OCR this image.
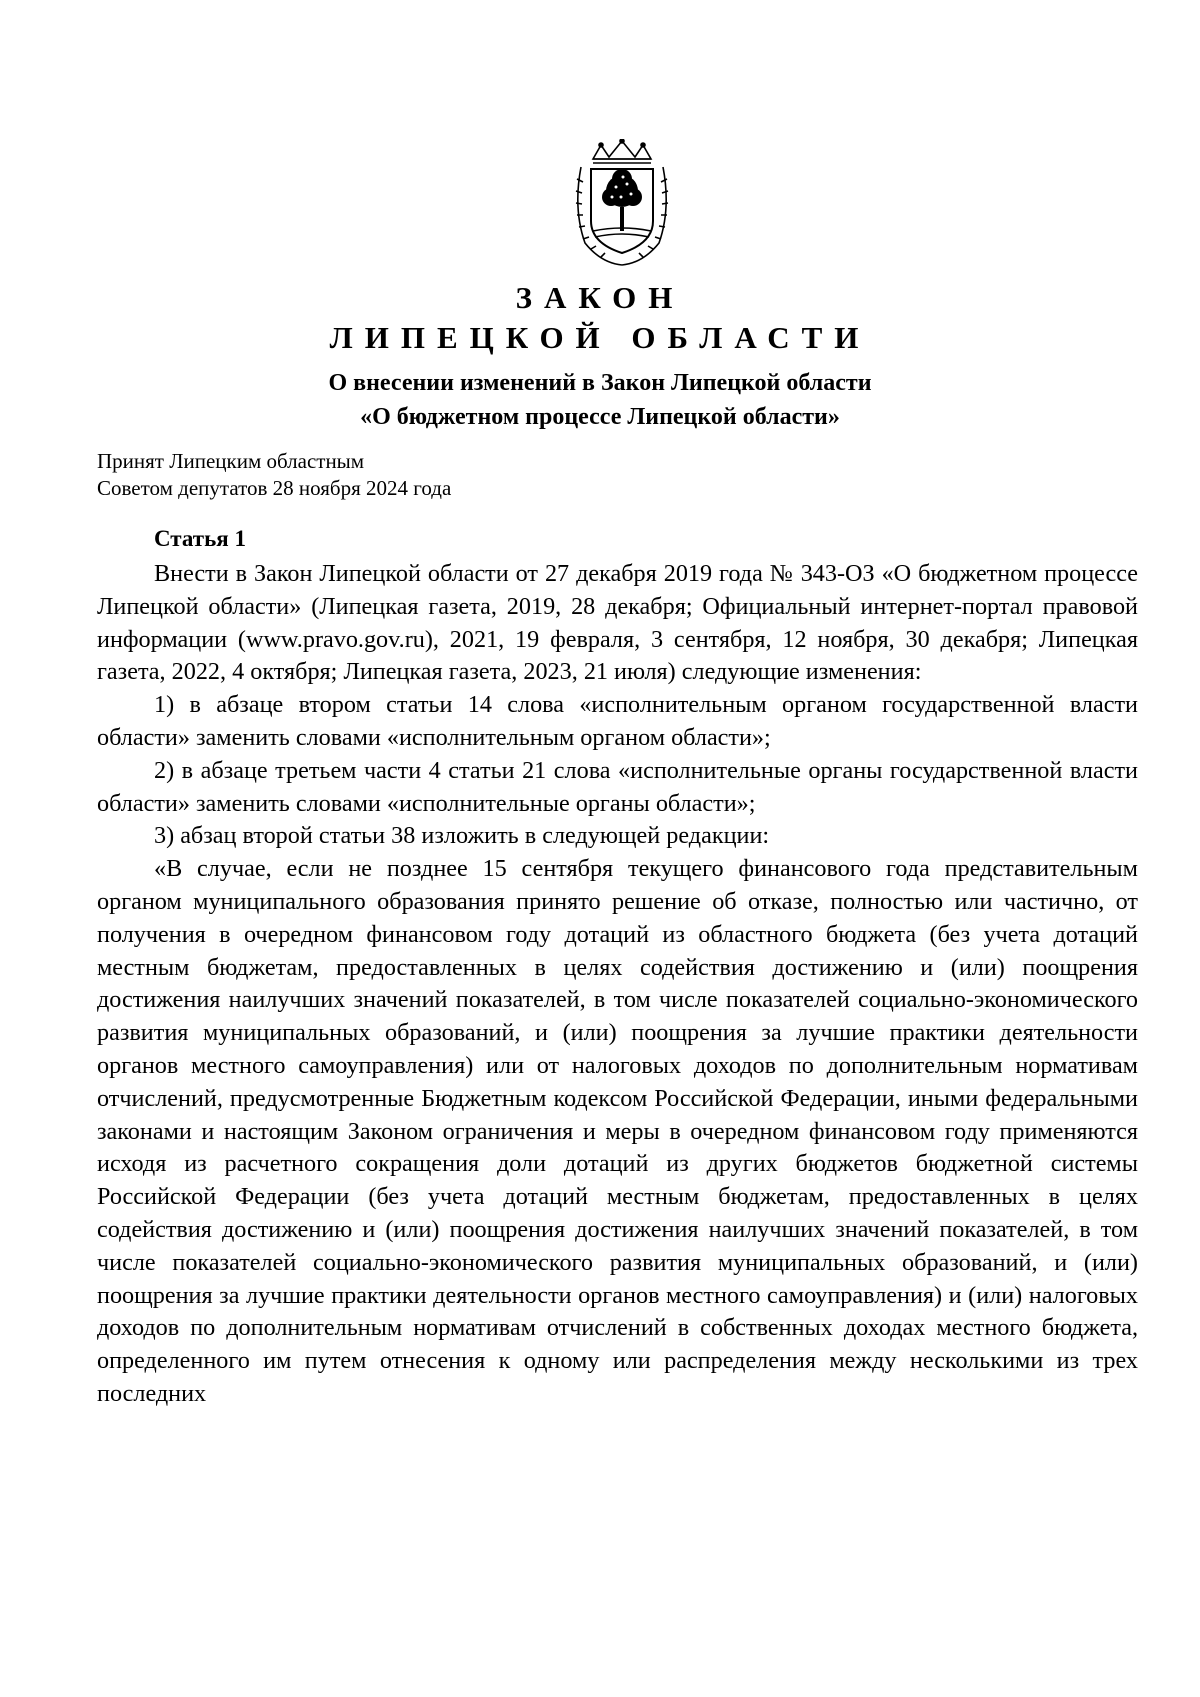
ЗАКОН
ЛИПЕЦКОЙ ОБЛАСТИ
О внесении изменений в Закон Липецкой области
«О бюджетном процессе Липецкой области»
Принят Липецким областным
Советом депутатов 28 ноября 2024 года
Статья 1

Внести в Закон Липецкой области от 27 декабря 2019 года № 343-ОЗ «О бюджетном процессе Липецкой области» (Липецкая газета, 2019, 28 декабря; Официальный интернет-портал правовой информации (www.pravo.gov.ru), 2021, 19 февраля, 3 сентября, 12 ноября, 30 декабря; Липецкая газета, 2022, 4 октября; Липецкая газета, 2023, 21 июля) следующие изменения:

1) в абзаце втором статьи 14 слова «исполнительным органом государственной власти области» заменить словами «исполнительным органом области»;

2) в абзаце третьем части 4 статьи 21 слова «исполнительные органы государственной власти области» заменить словами «исполнительные органы области»;

3) абзац второй статьи 38 изложить в следующей редакции:

«В случае, если не позднее 15 сентября текущего финансового года представительным органом муниципального образования принято решение об отказе, полностью или частично, от получения в очередном финансовом году дотаций из областного бюджета (без учета дотаций местным бюджетам, предоставленных в целях содействия достижению и (или) поощрения достижения наилучших значений показателей, в том числе показателей социально-экономического развития муниципальных образований, и (или) поощрения за лучшие практики деятельности органов местного самоуправления) или от налоговых доходов по дополнительным нормативам отчислений, предусмотренные Бюджетным кодексом Российской Федерации, иными федеральными законами и настоящим Законом ограничения и меры в очередном финансовом году применяются исходя из расчетного сокращения доли дотаций из других бюджетов бюджетной системы Российской Федерации (без учета дотаций местным бюджетам, предоставленных в целях содействия достижению и (или) поощрения достижения наилучших значений показателей, в том числе показателей социально-экономического развития муниципальных образований, и (или) поощрения за лучшие практики деятельности органов местного самоуправления) и (или) налоговых доходов по дополнительным нормативам отчислений в собственных доходах местного бюджета, определенного им путем отнесения к одному или распределения между несколькими из трех последних
